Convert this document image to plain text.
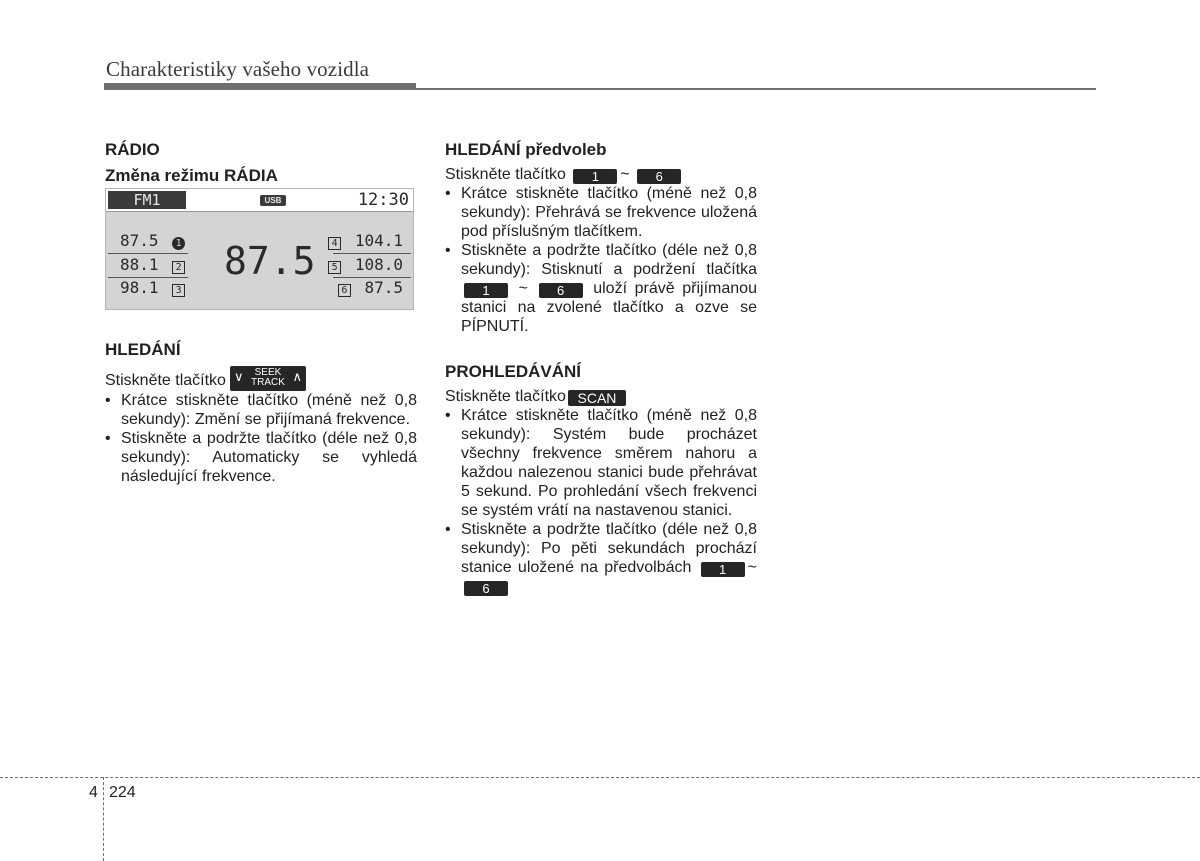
Charakteristiky vašeho vozidla

RÁDIO

Změna režimu RÁDIA

FM1	USB	12:30
87.5 1
88.1 2
98.1 3
87.5	4 104.1
5 108.0
6 87.5

HLEDÁNÍ

Stiskněte tlačítko ∨	SEEK
TRACK ∧

• Krátce stiskněte tlačítko (méně než 0,8 sekundy): Změní se přijímaná frekvence.
• Stiskněte a podržte tlačítko (déle než 0,8 sekundy): Automaticky se vyhledá následující frekvence.

HLEDÁNÍ předvoleb

Stiskněte tlačítko 1 ~ 6

• Krátce stiskněte tlačítko (méně než 0,8 sekundy): Přehrává se frekvence uložená pod příslušným tlačítkem.
• Stiskněte a podržte tlačítko (déle než 0,8 sekundy): Stisknutí a podržení tlačítka 1 ~ 6 uloží právě přijímanou stanici na zvolené tlačítko a ozve se PÍPNUTÍ.

PROHLEDÁVÁNÍ

Stiskněte tlačítko SCAN

• Krátce stiskněte tlačítko (méně než 0,8 sekundy): Systém bude procházet všechny frekvence směrem nahoru a každou nalezenou stanici bude přehrávat 5 sekund. Po prohledání všech frekvenci se systém vrátí na nastavenou stanici.
• Stiskněte a podržte tlačítko (déle než 0,8 sekundy): Po pěti sekundách prochází stanice uložené na předvolbách 1 ~ 6
4 224
